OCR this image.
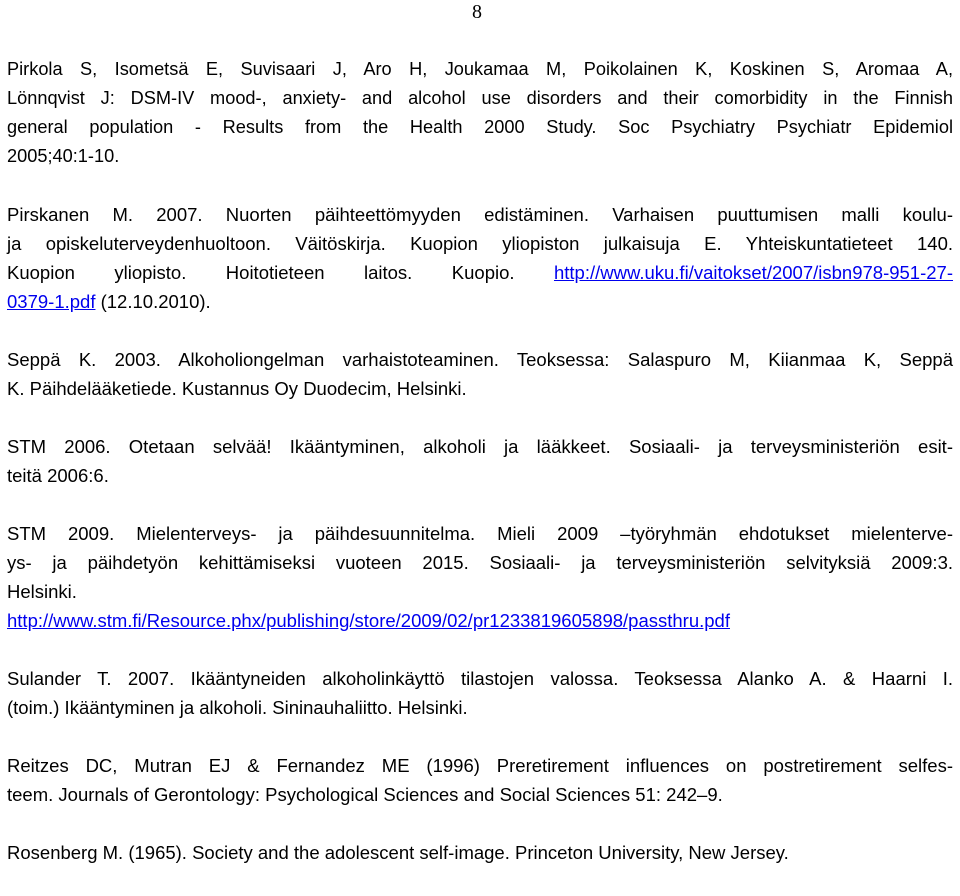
8
Pirkola S, Isometsä E, Suvisaari J, Aro H, Joukamaa M, Poikolainen K, Koskinen S, Aromaa A,
Lönnqvist J: DSM-IV mood-, anxiety- and alcohol use disorders and their comorbidity in the Finnish
general population - Results from the Health 2000 Study. Soc Psychiatry Psychiatr Epidemiol
2005;40:1-10.
Pirskanen M. 2007. Nuorten päihteettömyyden edistäminen. Varhaisen puuttumisen malli koulu-
ja opiskeluterveydenhuoltoon. Väitöskirja. Kuopion yliopiston julkaisuja E. Yhteiskuntatieteet 140.
Kuopion yliopisto. Hoitotieteen laitos. Kuopio. http://www.uku.fi/vaitokset/2007/isbn978-951-27-
0379-1.pdf (12.10.2010).
Seppä K. 2003. Alkoholiongelman varhaistoteaminen. Teoksessa: Salaspuro M, Kiianmaa K, Seppä
K. Päihdelääketiede. Kustannus Oy Duodecim, Helsinki.
STM 2006. Otetaan selvää! Ikääntyminen, alkoholi ja lääkkeet. Sosiaali- ja terveysministeriön esit-
teitä 2006:6.
STM 2009. Mielenterveys- ja päihdesuunnitelma. Mieli 2009 –työryhmän ehdotukset mielenterve-
ys- ja päihdetyön kehittämiseksi vuoteen 2015. Sosiaali- ja terveysministeriön selvityksiä 2009:3.
Helsinki.
http://www.stm.fi/Resource.phx/publishing/store/2009/02/pr1233819605898/passthru.pdf
Sulander T. 2007. Ikääntyneiden alkoholinkäyttö tilastojen valossa. Teoksessa Alanko A. & Haarni I.
(toim.) Ikääntyminen ja alkoholi. Sininauhaliitto. Helsinki.
Reitzes DC, Mutran EJ & Fernandez ME (1996) Preretirement influences on postretirement selfes-
teem. Journals of Gerontology: Psychological Sciences and Social Sciences 51: 242–9.
Rosenberg M. (1965). Society and the adolescent self-image. Princeton University, New Jersey.
